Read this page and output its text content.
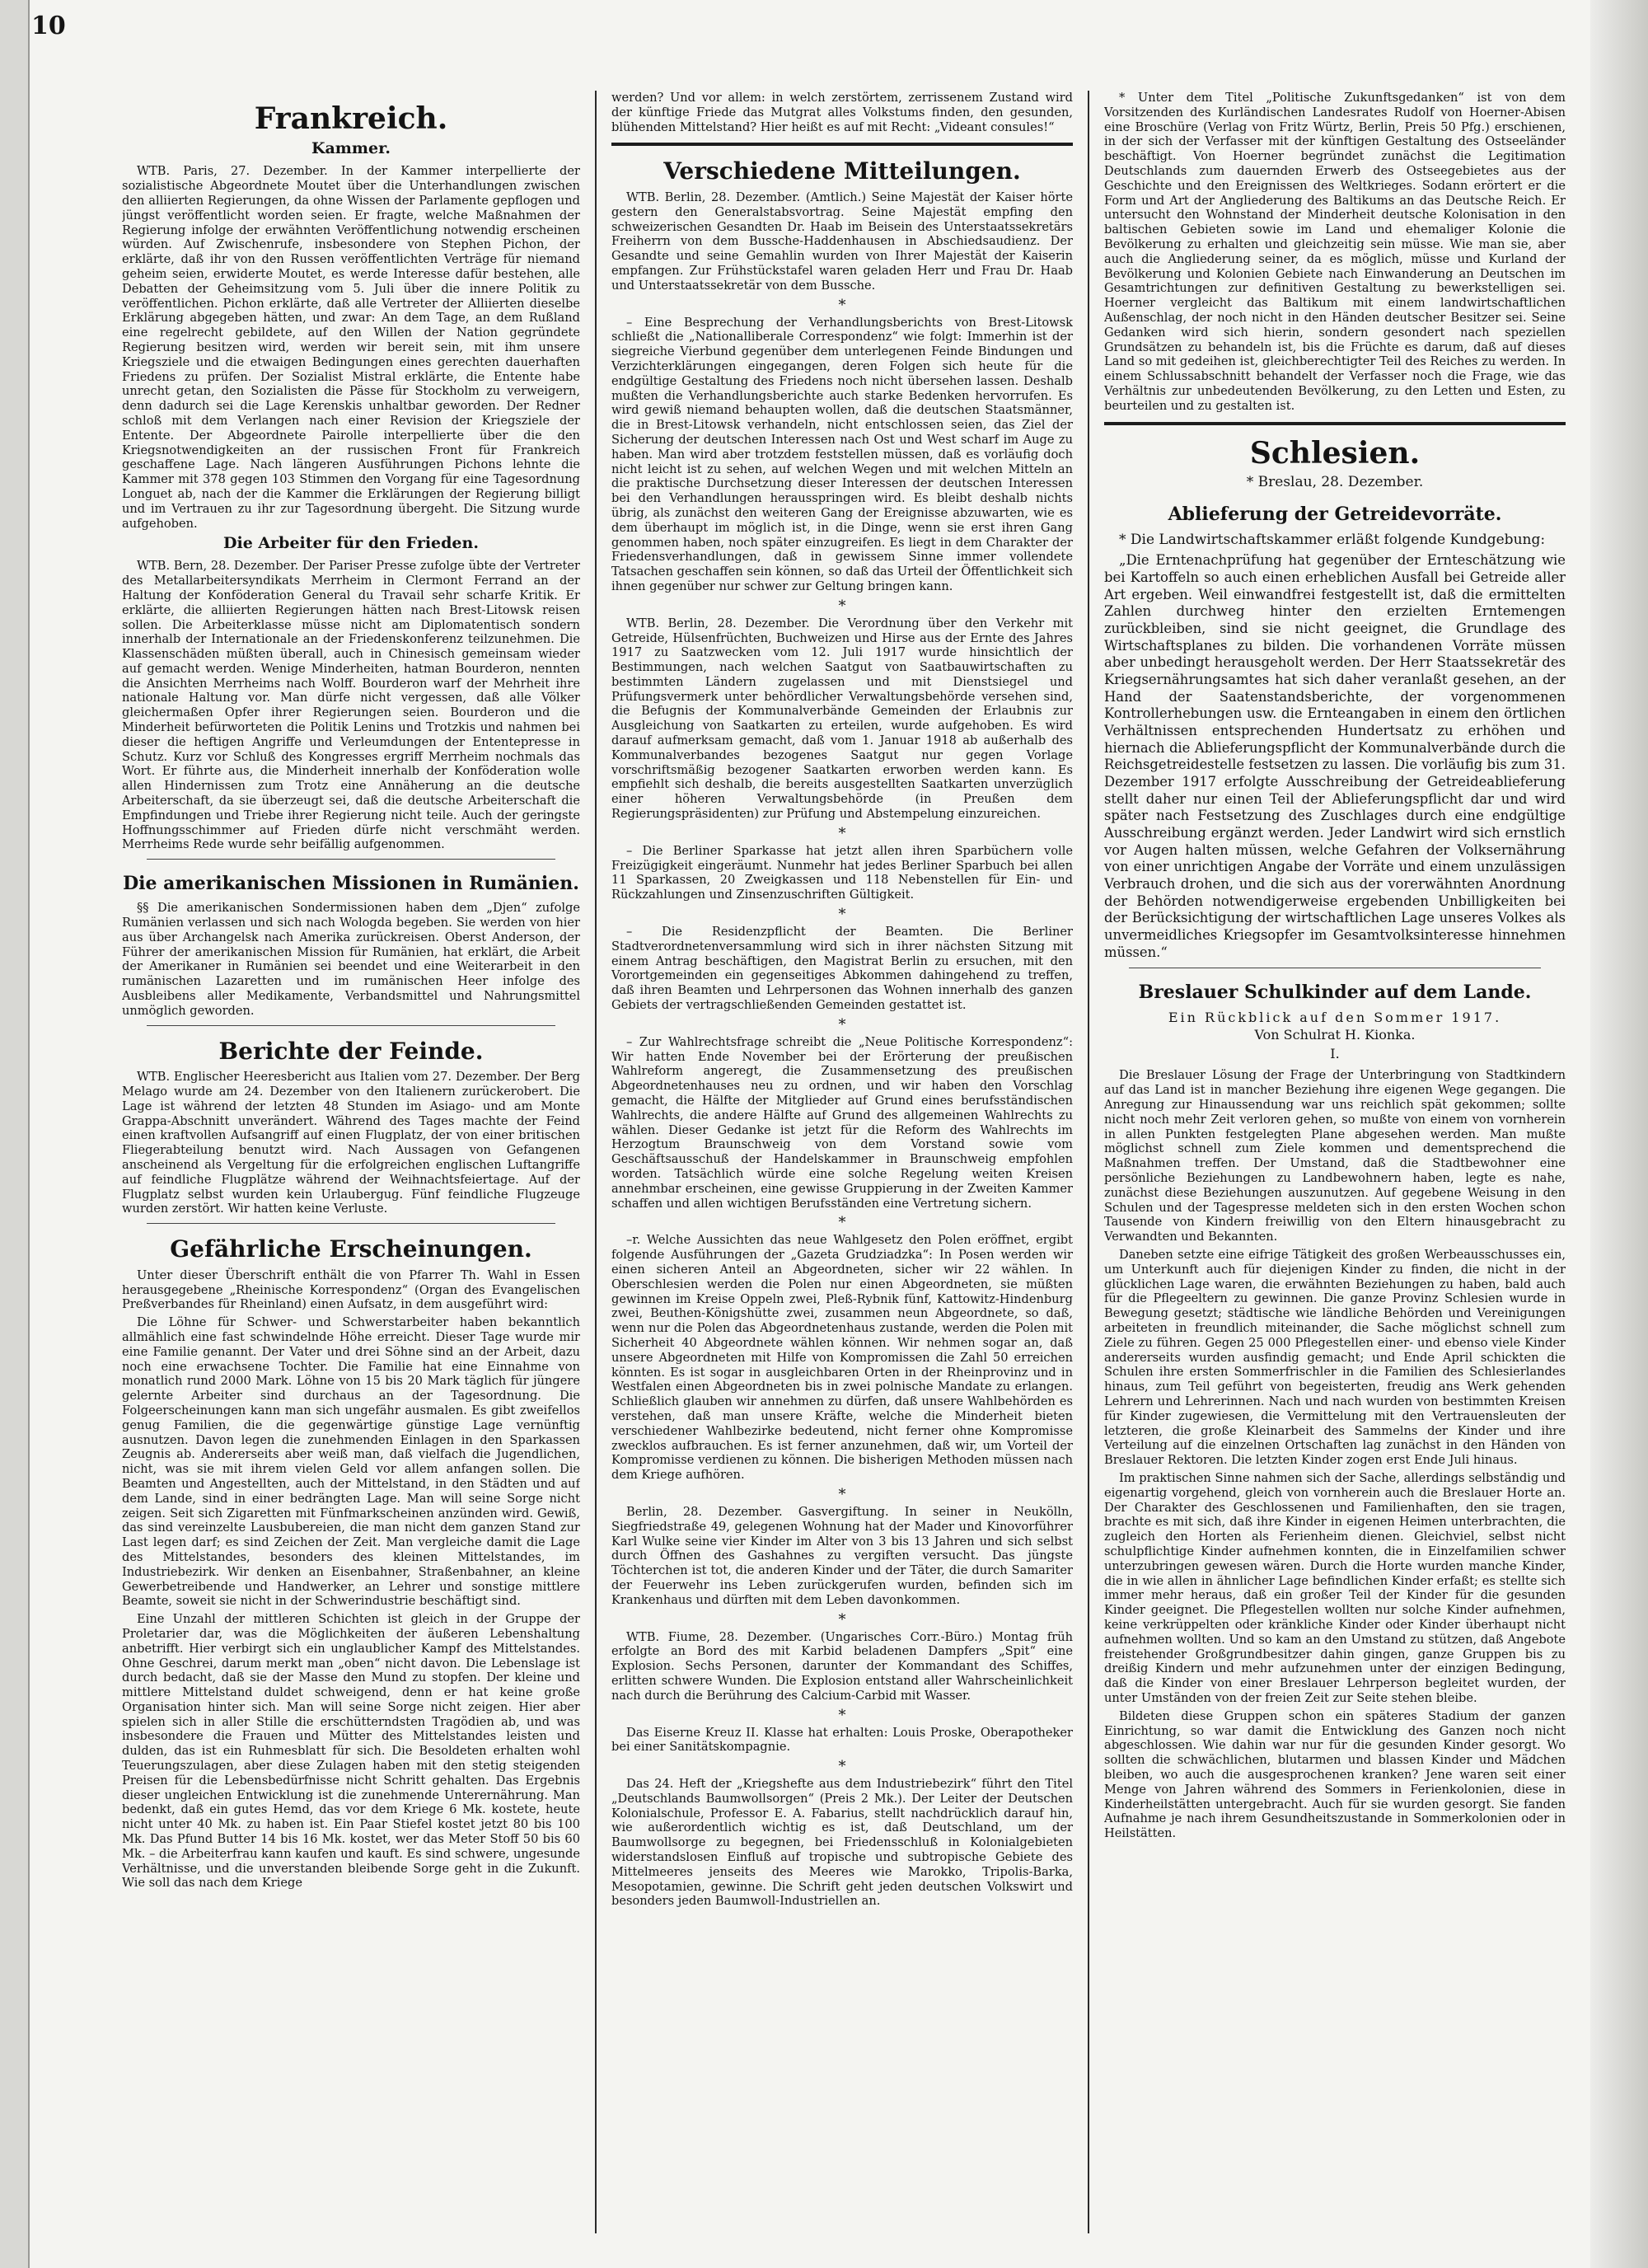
10
Frankreich.
Kammer.

WTB. Paris, 27. Dezember. In der Kammer interpellierte der sozialistische Abgeordnete Moutet über die Unterhandlungen zwischen den alliierten Regierungen, da ohne Wissen der Parlamente gepflogen und jüngst veröffentlicht worden seien. Er fragte, welche Maßnahmen der Regierung infolge der erwähnten Veröffentlichung notwendig erscheinen würden. Auf Zwischenrufe, insbesondere von Stephen Pichon, der erklärte, daß ihr von den Russen veröffentlichten Verträge für niemand geheim seien, erwiderte Moutet, es werde Interesse dafür bestehen, alle Debatten der Geheimsitzung vom 5. Juli über die innere Politik zu veröffentlichen. Pichon erklärte, daß alle Vertreter der Alliierten dieselbe Erklärung abgegeben hätten, und zwar: An dem Tage, an dem Rußland eine regelrecht gebildete, auf den Willen der Nation gegründete Regierung besitzen wird, werden wir bereit sein, mit ihm unsere Kriegsziele und die etwaigen Bedingungen eines gerechten dauerhaften Friedens zu prüfen. Der Sozialist Mistral erklärte, die Entente habe unrecht getan, den Sozialisten die Pässe für Stockholm zu verweigern, denn dadurch sei die Lage Kerenskis unhaltbar geworden. Der Redner schloß mit dem Verlangen nach einer Revision der Kriegsziele der Entente. Der Abgeordnete Pairolle interpellierte über die den Kriegsnotwendigkeiten an der russischen Front für Frankreich geschaffene Lage. Nach längeren Ausführungen Pichons lehnte die Kammer mit 378 gegen 103 Stimmen den Vorgang für eine Tagesordnung Longuet ab, nach der die Kammer die Erklärungen der Regierung billigt und im Vertrauen zu ihr zur Tagesordnung übergeht. Die Sitzung wurde aufgehoben.

Die Arbeiter für den Frieden.

WTB. Bern, 28. Dezember. Der Pariser Presse zufolge übte der Vertreter des Metallarbeitersyndikats Merrheim in Clermont Ferrand an der Haltung der Konföderation General du Travail sehr scharfe Kritik. Er erklärte, die alliierten Regierungen hätten nach Brest-Litowsk reisen sollen. Die Arbeiterklasse müsse nicht am Diplomatentisch sondern innerhalb der Internationale an der Friedenskonferenz teilzunehmen. Die Klassenschäden müßten überall, auch in Chinesisch gemeinsam wieder auf gemacht werden. Wenige Minderheiten, hatman Bourderon, nennten die Ansichten Merrheims nach Wolff. Bourderon warf der Mehrheit ihre nationale Haltung vor. Man dürfe nicht vergessen, daß alle Völker gleichermaßen Opfer ihrer Regierungen seien. Bourderon und die Minderheit befürworteten die Politik Lenins und Trotzkis und nahmen bei dieser die heftigen Angriffe und Verleumdungen der Ententepresse in Schutz. Kurz vor Schluß des Kongresses ergriff Merrheim nochmals das Wort. Er führte aus, die Minderheit innerhalb der Konföderation wolle allen Hindernissen zum Trotz eine Annäherung an die deutsche Arbeiterschaft, da sie überzeugt sei, daß die deutsche Arbeiterschaft die Empfindungen und Triebe ihrer Regierung nicht teile. Auch der geringste Hoffnungsschimmer auf Frieden dürfe nicht verschmäht werden. Merrheims Rede wurde sehr beifällig aufgenommen.

Die amerikanischen Missionen in Rumänien.

§§ Die amerikanischen Sondermissionen haben dem „Djen“ zufolge Rumänien verlassen und sich nach Wologda begeben. Sie werden von hier aus über Archangelsk nach Amerika zurückreisen. Oberst Anderson, der Führer der amerikanischen Mission für Rumänien, hat erklärt, die Arbeit der Amerikaner in Rumänien sei beendet und eine Weiterarbeit in den rumänischen Lazaretten und im rumänischen Heer infolge des Ausbleibens aller Medikamente, Verbandsmittel und Nahrungsmittel unmöglich geworden.

Berichte der Feinde.

WTB. Englischer Heeresbericht aus Italien vom 27. Dezember. Der Berg Melago wurde am 24. Dezember von den Italienern zurückerobert. Die Lage ist während der letzten 48 Stunden im Asiago- und am Monte Grappa-Abschnitt unverändert. Während des Tages machte der Feind einen kraftvollen Aufsangriff auf einen Flugplatz, der von einer britischen Fliegerabteilung benutzt wird. Nach Aussagen von Gefangenen anscheinend als Vergeltung für die erfolgreichen englischen Luftangriffe auf feindliche Flugplätze während der Weihnachtsfeiertage. Auf der Flugplatz selbst wurden kein Urlaubergug. Fünf feindliche Flugzeuge wurden zerstört. Wir hatten keine Verluste.

Gefährliche Erscheinungen.

Unter dieser Überschrift enthält die von Pfarrer Th. Wahl in Essen herausgegebene „Rheinische Korrespondenz“ (Organ des Evangelischen Preßverbandes für Rheinland) einen Aufsatz, in dem ausgeführt wird:

Die Löhne für Schwer- und Schwerstarbeiter haben bekanntlich allmählich eine fast schwindelnde Höhe erreicht. Dieser Tage wurde mir eine Familie genannt. Der Vater und drei Söhne sind an der Arbeit, dazu noch eine erwachsene Tochter. Die Familie hat eine Einnahme von monatlich rund 2000 Mark. Löhne von 15 bis 20 Mark täglich für jüngere gelernte Arbeiter sind durchaus an der Tagesordnung. Die Folgeerscheinungen kann man sich ungefähr ausmalen. Es gibt zweifellos genug Familien, die die gegenwärtige günstige Lage vernünftig ausnutzen. Davon legen die zunehmenden Einlagen in den Sparkassen Zeugnis ab. Andererseits aber weiß man, daß vielfach die Jugendlichen, nicht, was sie mit ihrem vielen Geld vor allem anfangen sollen. Die Beamten und Angestellten, auch der Mittelstand, in den Städten und auf dem Lande, sind in einer bedrängten Lage. Man will seine Sorge nicht zeigen. Seit sich Zigaretten mit Fünfmarkscheinen anzünden wird. Gewiß, das sind vereinzelte Lausbubereien, die man nicht dem ganzen Stand zur Last legen darf; es sind Zeichen der Zeit. Man vergleiche damit die Lage des Mittelstandes, besonders des kleinen Mittelstandes, im Industriebezirk. Wir denken an Eisenbahner, Straßenbahner, an kleine Gewerbetreibende und Handwerker, an Lehrer und sonstige mittlere Beamte, soweit sie nicht in der Schwerindustrie beschäftigt sind.

Eine Unzahl der mittleren Schichten ist gleich in der Gruppe der Proletarier dar, was die Möglichkeiten der äußeren Lebenshaltung anbetrifft. Hier verbirgt sich ein unglaublicher Kampf des Mittelstandes. Ohne Geschrei, darum merkt man „oben“ nicht davon. Die Lebenslage ist durch bedacht, daß sie der Masse den Mund zu stopfen. Der kleine und mittlere Mittelstand duldet schweigend, denn er hat keine große Organisation hinter sich. Man will seine Sorge nicht zeigen. Hier aber spielen sich in aller Stille die erschütterndsten Tragödien ab, und was insbesondere die Frauen und Mütter des Mittelstandes leisten und dulden, das ist ein Ruhmesblatt für sich. Die Besoldeten erhalten wohl Teuerungszulagen, aber diese Zulagen haben mit den stetig steigenden Preisen für die Lebensbedürfnisse nicht Schritt gehalten. Das Ergebnis dieser ungleichen Entwicklung ist die zunehmende Unterernährung. Man bedenkt, daß ein gutes Hemd, das vor dem Kriege 6 Mk. kostete, heute nicht unter 40 Mk. zu haben ist. Ein Paar Stiefel kostet jetzt 80 bis 100 Mk. Das Pfund Butter 14 bis 16 Mk. kostet, wer das Meter Stoff 50 bis 60 Mk. – die Arbeiterfrau kann kaufen und kauft. Es sind schwere, ungesunde Verhältnisse, und die unverstanden bleibende Sorge geht in die Zukunft. Wie soll das nach dem Kriege

werden? Und vor allem: in welch zerstörtem, zerrissenem Zustand wird der künftige Friede das Mutgrat alles Volkstums finden, den gesunden, blühenden Mittelstand? Hier heißt es auf mit Recht: „Videant consules!“

Verschiedene Mitteilungen.

WTB. Berlin, 28. Dezember. (Amtlich.) Seine Majestät der Kaiser hörte gestern den Generalstabsvortrag. Seine Majestät empfing den schweizerischen Gesandten Dr. Haab im Beisein des Unterstaatssekretärs Freiherrn von dem Bussche-Haddenhausen in Abschiedsaudienz. Der Gesandte und seine Gemahlin wurden von Ihrer Majestät der Kaiserin empfangen. Zur Frühstückstafel waren geladen Herr und Frau Dr. Haab und Unterstaatssekretär von dem Bussche.

*

– Eine Besprechung der Verhandlungsberichts von Brest-Litowsk schließt die „Nationalliberale Correspondenz“ wie folgt: Immerhin ist der siegreiche Vierbund gegenüber dem unterlegenen Feinde Bindungen und Verzichterklärungen eingegangen, deren Folgen sich heute für die endgültige Gestaltung des Friedens noch nicht übersehen lassen. Deshalb mußten die Verhandlungsberichte auch starke Bedenken hervorrufen. Es wird gewiß niemand behaupten wollen, daß die deutschen Staatsmänner, die in Brest-Litowsk verhandeln, nicht entschlossen seien, das Ziel der Sicherung der deutschen Interessen nach Ost und West scharf im Auge zu haben. Man wird aber trotzdem feststellen müssen, daß es vorläufig doch nicht leicht ist zu sehen, auf welchen Wegen und mit welchen Mitteln an die praktische Durchsetzung dieser Interessen der deutschen Interessen bei den Verhandlungen herausspringen wird. Es bleibt deshalb nichts übrig, als zunächst den weiteren Gang der Ereignisse abzuwarten, wie es dem überhaupt im möglich ist, in die Dinge, wenn sie erst ihren Gang genommen haben, noch später einzugreifen. Es liegt in dem Charakter der Friedensverhandlungen, daß in gewissem Sinne immer vollendete Tatsachen geschaffen sein können, so daß das Urteil der Öffentlichkeit sich ihnen gegenüber nur schwer zur Geltung bringen kann.

*

WTB. Berlin, 28. Dezember. Die Verordnung über den Verkehr mit Getreide, Hülsenfrüchten, Buchweizen und Hirse aus der Ernte des Jahres 1917 zu Saatzwecken vom 12. Juli 1917 wurde hinsichtlich der Bestimmungen, nach welchen Saatgut von Saatbauwirtschaften zu bestimmten Ländern zugelassen und mit Dienstsiegel und Prüfungsvermerk unter behördlicher Verwaltungsbehörde versehen sind, die Befugnis der Kommunalverbände Gemeinden der Erlaubnis zur Ausgleichung von Saatkarten zu erteilen, wurde aufgehoben. Es wird darauf aufmerksam gemacht, daß vom 1. Januar 1918 ab außerhalb des Kommunalverbandes bezogenes Saatgut nur gegen Vorlage vorschriftsmäßig bezogener Saatkarten erworben werden kann. Es empfiehlt sich deshalb, die bereits ausgestellten Saatkarten unverzüglich einer höheren Verwaltungsbehörde (in Preußen dem Regierungspräsidenten) zur Prüfung und Abstempelung einzureichen.

*

– Die Berliner Sparkasse hat jetzt allen ihren Sparbüchern volle Freizügigkeit eingeräumt. Nunmehr hat jedes Berliner Sparbuch bei allen 11 Sparkassen, 20 Zweigkassen und 118 Nebenstellen für Ein- und Rückzahlungen und Zinsenzuschriften Gültigkeit.

*

– Die Residenzpflicht der Beamten. Die Berliner Stadtverordnetenversammlung wird sich in ihrer nächsten Sitzung mit einem Antrag beschäftigen, den Magistrat Berlin zu ersuchen, mit den Vorortgemeinden ein gegenseitiges Abkommen dahingehend zu treffen, daß ihren Beamten und Lehrpersonen das Wohnen innerhalb des ganzen Gebiets der vertragschließenden Gemeinden gestattet ist.

*

– Zur Wahlrechtsfrage schreibt die „Neue Politische Korrespondenz“: Wir hatten Ende November bei der Erörterung der preußischen Wahlreform angeregt, die Zusammensetzung des preußischen Abgeordnetenhauses neu zu ordnen, und wir haben den Vorschlag gemacht, die Hälfte der Mitglieder auf Grund eines berufsständischen Wahlrechts, die andere Hälfte auf Grund des allgemeinen Wahlrechts zu wählen. Dieser Gedanke ist jetzt für die Reform des Wahlrechts im Herzogtum Braunschweig von dem Vorstand sowie vom Geschäftsausschuß der Handelskammer in Braunschweig empfohlen worden. Tatsächlich würde eine solche Regelung weiten Kreisen annehmbar erscheinen, eine gewisse Gruppierung in der Zweiten Kammer schaffen und allen wichtigen Berufsständen eine Vertretung sichern.

*

–r. Welche Aussichten das neue Wahlgesetz den Polen eröffnet, ergibt folgende Ausführungen der „Gazeta Grudziadzka“: In Posen werden wir einen sicheren Anteil an Abgeordneten, sicher wir 22 wählen. In Oberschlesien werden die Polen nur einen Abgeordneten, sie müßten gewinnen im Kreise Oppeln zwei, Pleß-Rybnik fünf, Kattowitz-Hindenburg zwei, Beuthen-Königshütte zwei, zusammen neun Abgeordnete, so daß, wenn nur die Polen das Abgeordnetenhaus zustande, werden die Polen mit Sicherheit 40 Abgeordnete wählen können. Wir nehmen sogar an, daß unsere Abgeordneten mit Hilfe von Kompromissen die Zahl 50 erreichen könnten. Es ist sogar in ausgleichbaren Orten in der Rheinprovinz und in Westfalen einen Abgeordneten bis in zwei polnische Mandate zu erlangen. Schließlich glauben wir annehmen zu dürfen, daß unsere Wahlbehörden es verstehen, daß man unsere Kräfte, welche die Minderheit bieten verschiedener Wahlbezirke bedeutend, nicht ferner ohne Kompromisse zwecklos aufbrauchen. Es ist ferner anzunehmen, daß wir, um Vorteil der Kompromisse verdienen zu können. Die bisherigen Methoden müssen nach dem Kriege aufhören.

*

Berlin, 28. Dezember. Gasvergiftung. In seiner in Neukölln, Siegfriedstraße 49, gelegenen Wohnung hat der Mader und Kinovorführer Karl Wulke seine vier Kinder im Alter von 3 bis 13 Jahren und sich selbst durch Öffnen des Gashahnes zu vergiften versucht. Das jüngste Töchterchen ist tot, die anderen Kinder und der Täter, die durch Samariter der Feuerwehr ins Leben zurückgerufen wurden, befinden sich im Krankenhaus und dürften mit dem Leben davonkommen.

*

WTB. Fiume, 28. Dezember. (Ungarisches Corr.-Büro.) Montag früh erfolgte an Bord des mit Karbid beladenen Dampfers „Spit“ eine Explosion. Sechs Personen, darunter der Kommandant des Schiffes, erlitten schwere Wunden. Die Explosion entstand aller Wahrscheinlichkeit nach durch die Berührung des Calcium-Carbid mit Wasser.

*

Das Eiserne Kreuz II. Klasse hat erhalten: Louis Proske, Oberapotheker bei einer Sanitätskompagnie.

*

Das 24. Heft der „Kriegshefte aus dem Industriebezirk“ führt den Titel „Deutschlands Baumwollsorgen“ (Preis 2 Mk.). Der Leiter der Deutschen Kolonialschule, Professor E. A. Fabarius, stellt nachdrücklich darauf hin, wie außerordentlich wichtig es ist, daß Deutschland, um der Baumwollsorge zu begegnen, bei Friedensschluß in Kolonialgebieten widerstandslosen Einfluß auf tropische und subtropische Gebiete des Mittelmeeres jenseits des Meeres wie Marokko, Tripolis-Barka, Mesopotamien, gewinne. Die Schrift geht jeden deutschen Volkswirt und besonders jeden Baumwoll-Industriellen an.

* Unter dem Titel „Politische Zukunftsgedanken“ ist von dem Vorsitzenden des Kurländischen Landesrates Rudolf von Hoerner-Abisen eine Broschüre (Verlag von Fritz Würtz, Berlin, Preis 50 Pfg.) erschienen, in der sich der Verfasser mit der künftigen Gestaltung des Ostseeländer beschäftigt. Von Hoerner begründet zunächst die Legitimation Deutschlands zum dauernden Erwerb des Ostseegebietes aus der Geschichte und den Ereignissen des Weltkrieges. Sodann erörtert er die Form und Art der Angliederung des Baltikums an das Deutsche Reich. Er untersucht den Wohnstand der Minderheit deutsche Kolonisation in den baltischen Gebieten sowie im Land und ehemaliger Kolonie die Bevölkerung zu erhalten und gleichzeitig sein müsse. Wie man sie, aber auch die Angliederung seiner, da es möglich, müsse und Kurland der Bevölkerung und Kolonien Gebiete nach Einwanderung an Deutschen im Gesamtrichtungen zur definitiven Gestaltung zu bewerkstelligen sei. Hoerner vergleicht das Baltikum mit einem landwirtschaftlichen Außenschlag, der noch nicht in den Händen deutscher Besitzer sei. Seine Gedanken wird sich hierin, sondern gesondert nach speziellen Grundsätzen zu behandeln ist, bis die Früchte es darum, daß auf dieses Land so mit gedeihen ist, gleichberechtigter Teil des Reiches zu werden. In einem Schlussabschnitt behandelt der Verfasser noch die Frage, wie das Verhältnis zur unbedeutenden Bevölkerung, zu den Letten und Esten, zu beurteilen und zu gestalten ist.

Schlesien.
* Breslau, 28. Dezember.
Ablieferung der Getreidevorräte.

* Die Landwirtschaftskammer erläßt folgende Kundgebung:

„Die Erntenachprüfung hat gegenüber der Ernteschätzung wie bei Kartoffeln so auch einen erheblichen Ausfall bei Getreide aller Art ergeben. Weil einwandfrei festgestellt ist, daß die ermittelten Zahlen durchweg hinter den erzielten Erntemengen zurückbleiben, sind sie nicht geeignet, die Grundlage des Wirtschaftsplanes zu bilden. Die vorhandenen Vorräte müssen aber unbedingt herausgeholt werden. Der Herr Staatssekretär des Kriegsernährungsamtes hat sich daher veranlaßt gesehen, an der Hand der Saatenstandsberichte, der vorgenommenen Kontrollerhebungen usw. die Ernteangaben in einem den örtlichen Verhältnissen entsprechenden Hundertsatz zu erhöhen und hiernach die Ablieferungspflicht der Kommunalverbände durch die Reichsgetreidestelle festsetzen zu lassen. Die vorläufig bis zum 31. Dezember 1917 erfolgte Ausschreibung der Getreideablieferung stellt daher nur einen Teil der Ablieferungspflicht dar und wird später nach Festsetzung des Zuschlages durch eine endgültige Ausschreibung ergänzt werden. Jeder Landwirt wird sich ernstlich vor Augen halten müssen, welche Gefahren der Volksernährung von einer unrichtigen Angabe der Vorräte und einem unzulässigen Verbrauch drohen, und die sich aus der vorerwähnten Anordnung der Behörden notwendigerweise ergebenden Unbilligkeiten bei der Berücksichtigung der wirtschaftlichen Lage unseres Volkes als unvermeidliches Kriegsopfer im Gesamtvolksinteresse hinnehmen müssen.“

Breslauer Schulkinder auf dem Lande.
Ein Rückblick auf den Sommer 1917.
Von Schulrat H. Kionka.
I.

Die Breslauer Lösung der Frage der Unterbringung von Stadtkindern auf das Land ist in mancher Beziehung ihre eigenen Wege gegangen. Die Anregung zur Hinaussendung war uns reichlich spät gekommen; sollte nicht noch mehr Zeit verloren gehen, so mußte von einem von vornherein in allen Punkten festgelegten Plane abgesehen werden. Man mußte möglichst schnell zum Ziele kommen und dementsprechend die Maßnahmen treffen. Der Umstand, daß die Stadtbewohner eine persönliche Beziehungen zu Landbewohnern haben, legte es nahe, zunächst diese Beziehungen auszunutzen. Auf gegebene Weisung in den Schulen und der Tagespresse meldeten sich in den ersten Wochen schon Tausende von Kindern freiwillig von den Eltern hinausgebracht zu Verwandten und Bekannten.

Daneben setzte eine eifrige Tätigkeit des großen Werbeausschusses ein, um Unterkunft auch für diejenigen Kinder zu finden, die nicht in der glücklichen Lage waren, die erwähnten Beziehungen zu haben, bald auch für die Pflegeeltern zu gewinnen. Die ganze Provinz Schlesien wurde in Bewegung gesetzt; städtische wie ländliche Behörden und Vereinigungen arbeiteten in freundlich miteinander, die Sache möglichst schnell zum Ziele zu führen. Gegen 25 000 Pflegestellen einer- und ebenso viele Kinder andererseits wurden ausfindig gemacht; und Ende April schickten die Schulen ihre ersten Sommerfrischler in die Familien des Schlesierlandes hinaus, zum Teil geführt von begeisterten, freudig ans Werk gehenden Lehrern und Lehrerinnen. Nach und nach wurden von bestimmten Kreisen für Kinder zugewiesen, die Vermittelung mit den Vertrauensleuten der letzteren, die große Kleinarbeit des Sammelns der Kinder und ihre Verteilung auf die einzelnen Ortschaften lag zunächst in den Händen von Breslauer Rektoren. Die letzten Kinder zogen erst Ende Juli hinaus.

Im praktischen Sinne nahmen sich der Sache, allerdings selbständig und eigenartig vorgehend, gleich von vornherein auch die Breslauer Horte an. Der Charakter des Geschlossenen und Familienhaften, den sie tragen, brachte es mit sich, daß ihre Kinder in eigenen Heimen unterbrachten, die zugleich den Horten als Ferienheim dienen. Gleichviel, selbst nicht schulpflichtige Kinder aufnehmen konnten, die in Einzelfamilien schwer unterzubringen gewesen wären. Durch die Horte wurden manche Kinder, die in wie allen in ähnlicher Lage befindlichen Kinder erfaßt; es stellte sich immer mehr heraus, daß ein großer Teil der Kinder für die gesunden Kinder geeignet. Die Pflegestellen wollten nur solche Kinder aufnehmen, keine verkrüppelten oder kränkliche Kinder oder Kinder überhaupt nicht aufnehmen wollten. Und so kam an den Umstand zu stützen, daß Angebote freistehender Großgrundbesitzer dahin gingen, ganze Gruppen bis zu dreißig Kindern und mehr aufzunehmen unter der einzigen Bedingung, daß die Kinder von einer Breslauer Lehrperson begleitet wurden, der unter Umständen von der freien Zeit zur Seite stehen bleibe.

Bildeten diese Gruppen schon ein späteres Stadium der ganzen Einrichtung, so war damit die Entwicklung des Ganzen noch nicht abgeschlossen. Wie dahin war nur für die gesunden Kinder gesorgt. Wo sollten die schwächlichen, blutarmen und blassen Kinder und Mädchen bleiben, wo auch die ausgesprochenen kranken? Jene waren seit einer Menge von Jahren während des Sommers in Ferienkolonien, diese in Kinderheilstätten untergebracht. Auch für sie wurden gesorgt. Sie fanden Aufnahme je nach ihrem Gesundheitszustande in Sommerkolonien oder in Heilstätten.
